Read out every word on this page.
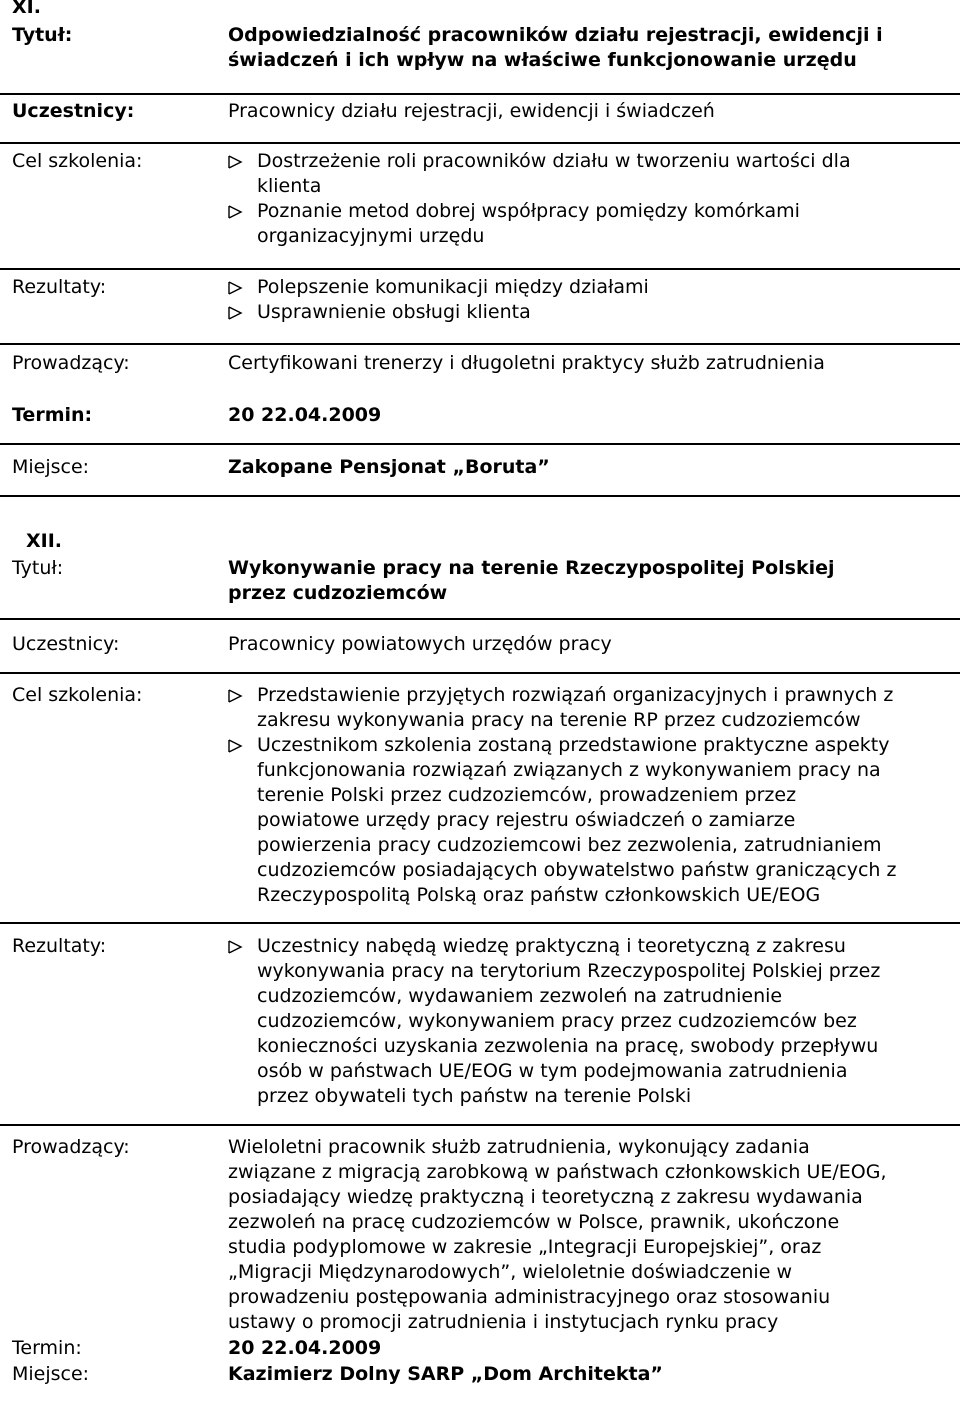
XI.
Tytuł:	Odpowiedzialność pracowników działu rejestracji, ewidencji i
świadczeń i ich wpływ na właściwe funkcjonowanie urzędu
Uczestnicy:	Pracownicy działu rejestracji, ewidencji i świadczeń
Cel szkolenia:	Dostrzeżenie roli pracowników działu w tworzeniu wartości dla
klienta
Poznanie metod dobrej współpracy pomiędzy komórkami
organizacyjnymi urzędu
Rezultaty:	Polepszenie komunikacji między działami
Usprawnienie obsługi klienta
Prowadzący:	Certyfikowani trenerzy i długoletni praktycy służb zatrudnienia
Termin:	20 22.04.2009
Miejsce:	Zakopane Pensjonat „Boruta”
XII.
Tytuł:	Wykonywanie pracy na terenie Rzeczypospolitej Polskiej
przez cudzoziemców
Uczestnicy:	Pracownicy powiatowych urzędów pracy
Cel szkolenia:	Przedstawienie przyjętych rozwiązań organizacyjnych i prawnych z
zakresu wykonywania pracy na terenie RP przez cudzoziemców
Uczestnikom szkolenia zostaną przedstawione praktyczne aspekty
funkcjonowania rozwiązań związanych z wykonywaniem pracy na
terenie Polski przez cudzoziemców, prowadzeniem przez
powiatowe urzędy pracy rejestru oświadczeń o zamiarze
powierzenia pracy cudzoziemcowi bez zezwolenia, zatrudnianiem
cudzoziemców posiadających obywatelstwo państw graniczących z
Rzeczypospolitą Polską oraz państw członkowskich UE/EOG
Rezultaty:	Uczestnicy nabędą wiedzę praktyczną i teoretyczną z zakresu
wykonywania pracy na terytorium Rzeczypospolitej Polskiej przez
cudzoziemców, wydawaniem zezwoleń na zatrudnienie
cudzoziemców, wykonywaniem pracy przez cudzoziemców bez
konieczności uzyskania zezwolenia na pracę, swobody przepływu
osób w państwach UE/EOG w tym podejmowania zatrudnienia
przez obywateli tych państw na terenie Polski
Prowadzący:	Wieloletni pracownik służb zatrudnienia, wykonujący zadania
związane z migracją zarobkową w państwach członkowskich UE/EOG,
posiadający wiedzę praktyczną i teoretyczną z zakresu wydawania
zezwoleń na pracę cudzoziemców w Polsce, prawnik, ukończone
studia podyplomowe w zakresie „Integracji Europejskiej”, oraz
„Migracji Międzynarodowych”, wieloletnie doświadczenie w
prowadzeniu postępowania administracyjnego oraz stosowaniu
ustawy o promocji zatrudnienia i instytucjach rynku pracy
Termin:	20 22.04.2009
Miejsce:	Kazimierz Dolny SARP „Dom Architekta”
